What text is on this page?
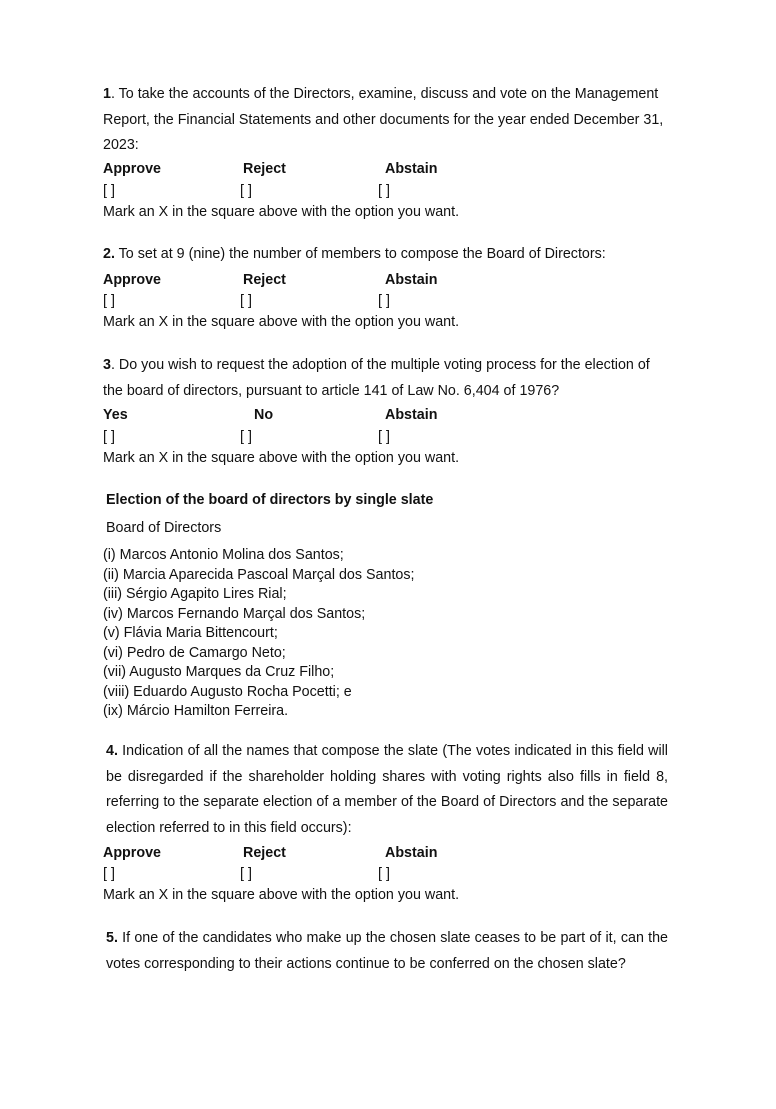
1. To take the accounts of the Directors, examine, discuss and vote on the Management Report, the Financial Statements and other documents for the year ended December 31, 2023:
Approve	Reject	Abstain
[ ]	[ ]	[ ]
Mark an X in the square above with the option you want.
2. To set at 9 (nine) the number of members to compose the Board of Directors:
Approve	Reject	Abstain
[ ]	[ ]	[ ]
Mark an X in the square above with the option you want.
3. Do you wish to request the adoption of the multiple voting process for the election of the board of directors, pursuant to article 141 of Law No. 6,404 of 1976?
Yes	No	Abstain
[ ]	[ ]	[ ]
Mark an X in the square above with the option you want.
Election of the board of directors by single slate
Board of Directors
(i) Marcos Antonio Molina dos Santos;
(ii) Marcia Aparecida Pascoal Marçal dos Santos;
(iii) Sérgio Agapito Lires Rial;
(iv) Marcos Fernando Marçal dos Santos;
(v) Flávia Maria Bittencourt;
(vi) Pedro de Camargo Neto;
(vii) Augusto Marques da Cruz Filho;
(viii) Eduardo Augusto Rocha Pocetti; e
(ix) Márcio Hamilton Ferreira.
4. Indication of all the names that compose the slate (The votes indicated in this field will be disregarded if the shareholder holding shares with voting rights also fills in field 8, referring to the separate election of a member of the Board of Directors and the separate election referred to in this field occurs):
Approve	Reject	Abstain
[ ]	[ ]	[ ]
Mark an X in the square above with the option you want.
5. If one of the candidates who make up the chosen slate ceases to be part of it, can the votes corresponding to their actions continue to be conferred on the chosen slate?
